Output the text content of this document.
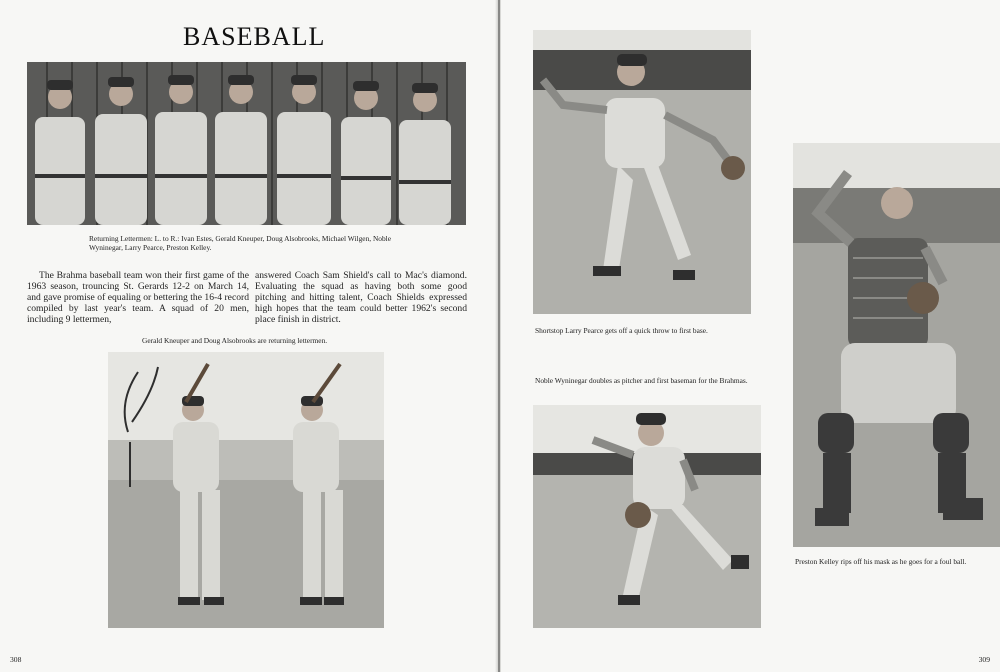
BASEBALL
Returning Lettermen: L. to R.: Ivan Estes, Gerald Kneuper, Doug Alsobrooks, Michael Wilgen, Noble Wyninegar, Larry Pearce, Preston Kelley.

The Brahma baseball team won their first game of the 1963 season, trouncing St. Gerards 12-2 on March 14, and gave promise of equaling or bettering the 16-4 record compiled by last year's team. A squad of 20 men, including 9 lettermen,

answered Coach Sam Shield's call to Mac's diamond. Evaluating the squad as having both some good pitching and hitting talent, Coach Shields expressed high hopes that the team could better 1962's second place finish in district.

Gerald Kneuper and Doug Alsobrooks are returning lettermen.
308
Shortstop Larry Pearce gets off a quick throw to first base.
Noble Wyninegar doubles as pitcher and first baseman for the Brahmas.
Preston Kelley rips off his mask as he goes for a foul ball.
309
